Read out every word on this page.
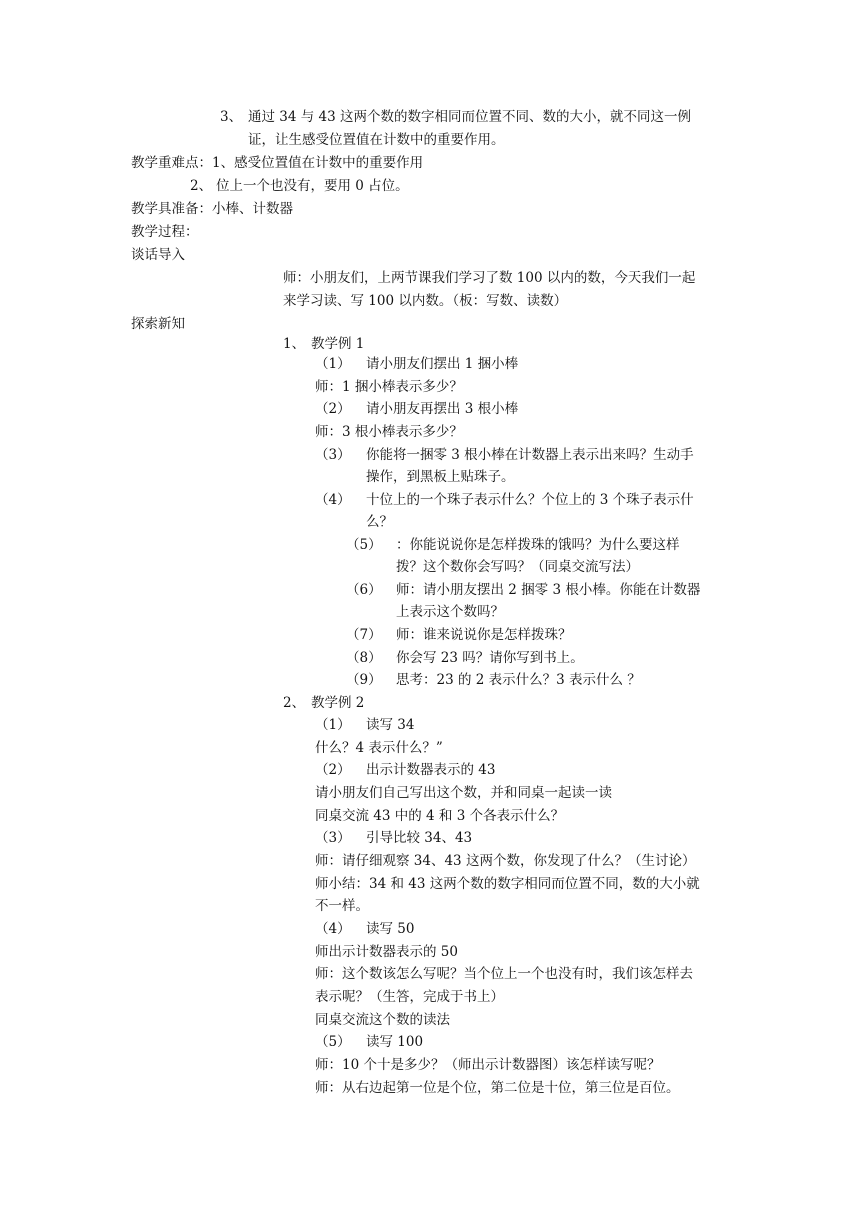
3、 通过 34 与 43 这两个数的数字相同而位置不同、数的大小，就不同这一例
证，让生感受位置值在计数中的重要作用。
教学重难点：1、感受位置值在计数中的重要作用
2、 位上一个也没有，要用 0 占位。
教学具准备：小棒、计数器
教学过程：
谈话导入
师：小朋友们，上两节课我们学习了数 100 以内的数，今天我们一起
来学习读、写 100 以内数。（板：写数、读数）
探索新知
1、 教学例 1
（1） 请小朋友们摆出 1 捆小棒
师：1 捆小棒表示多少？
（2） 请小朋友再摆出 3 根小棒
师：3 根小棒表示多少？
（3） 你能将一捆零 3 根小棒在计数器上表示出来吗？生动手
操作，到黑板上贴珠子。
（4） 十位上的一个珠子表示什么？个位上的 3 个珠子表示什
么？
（5） ：你能说说你是怎样拨珠的饿吗？为什么要这样
拨？这个数你会写吗？（同桌交流写法）
（6） 师：请小朋友摆出 2 捆零 3 根小棒。你能在计数器
上表示这个数吗？
（7） 师：谁来说说你是怎样拨珠？
（8） 你会写 23 吗？请你写到书上。
（9） 思考：23 的 2 表示什么？3 表示什么 ？
2、 教学例 2
（1） 读写 34
什么？4 表示什么？”
（2） 出示计数器表示的 43
请小朋友们自己写出这个数，并和同桌一起读一读
同桌交流 43 中的 4 和 3 个各表示什么？
（3） 引导比较 34、43
师：请仔细观察 34、43 这两个数，你发现了什么？（生讨论）
师小结：34 和 43 这两个数的数字相同而位置不同，数的大小就
不一样。
（4） 读写 50
师出示计数器表示的 50
师：这个数该怎么写呢？当个位上一个也没有时，我们该怎样去
表示呢？（生答，完成于书上）
同桌交流这个数的读法
（5） 读写 100
师：10 个十是多少？（师出示计数器图）该怎样读写呢？
师：从右边起第一位是个位，第二位是十位，第三位是百位。
